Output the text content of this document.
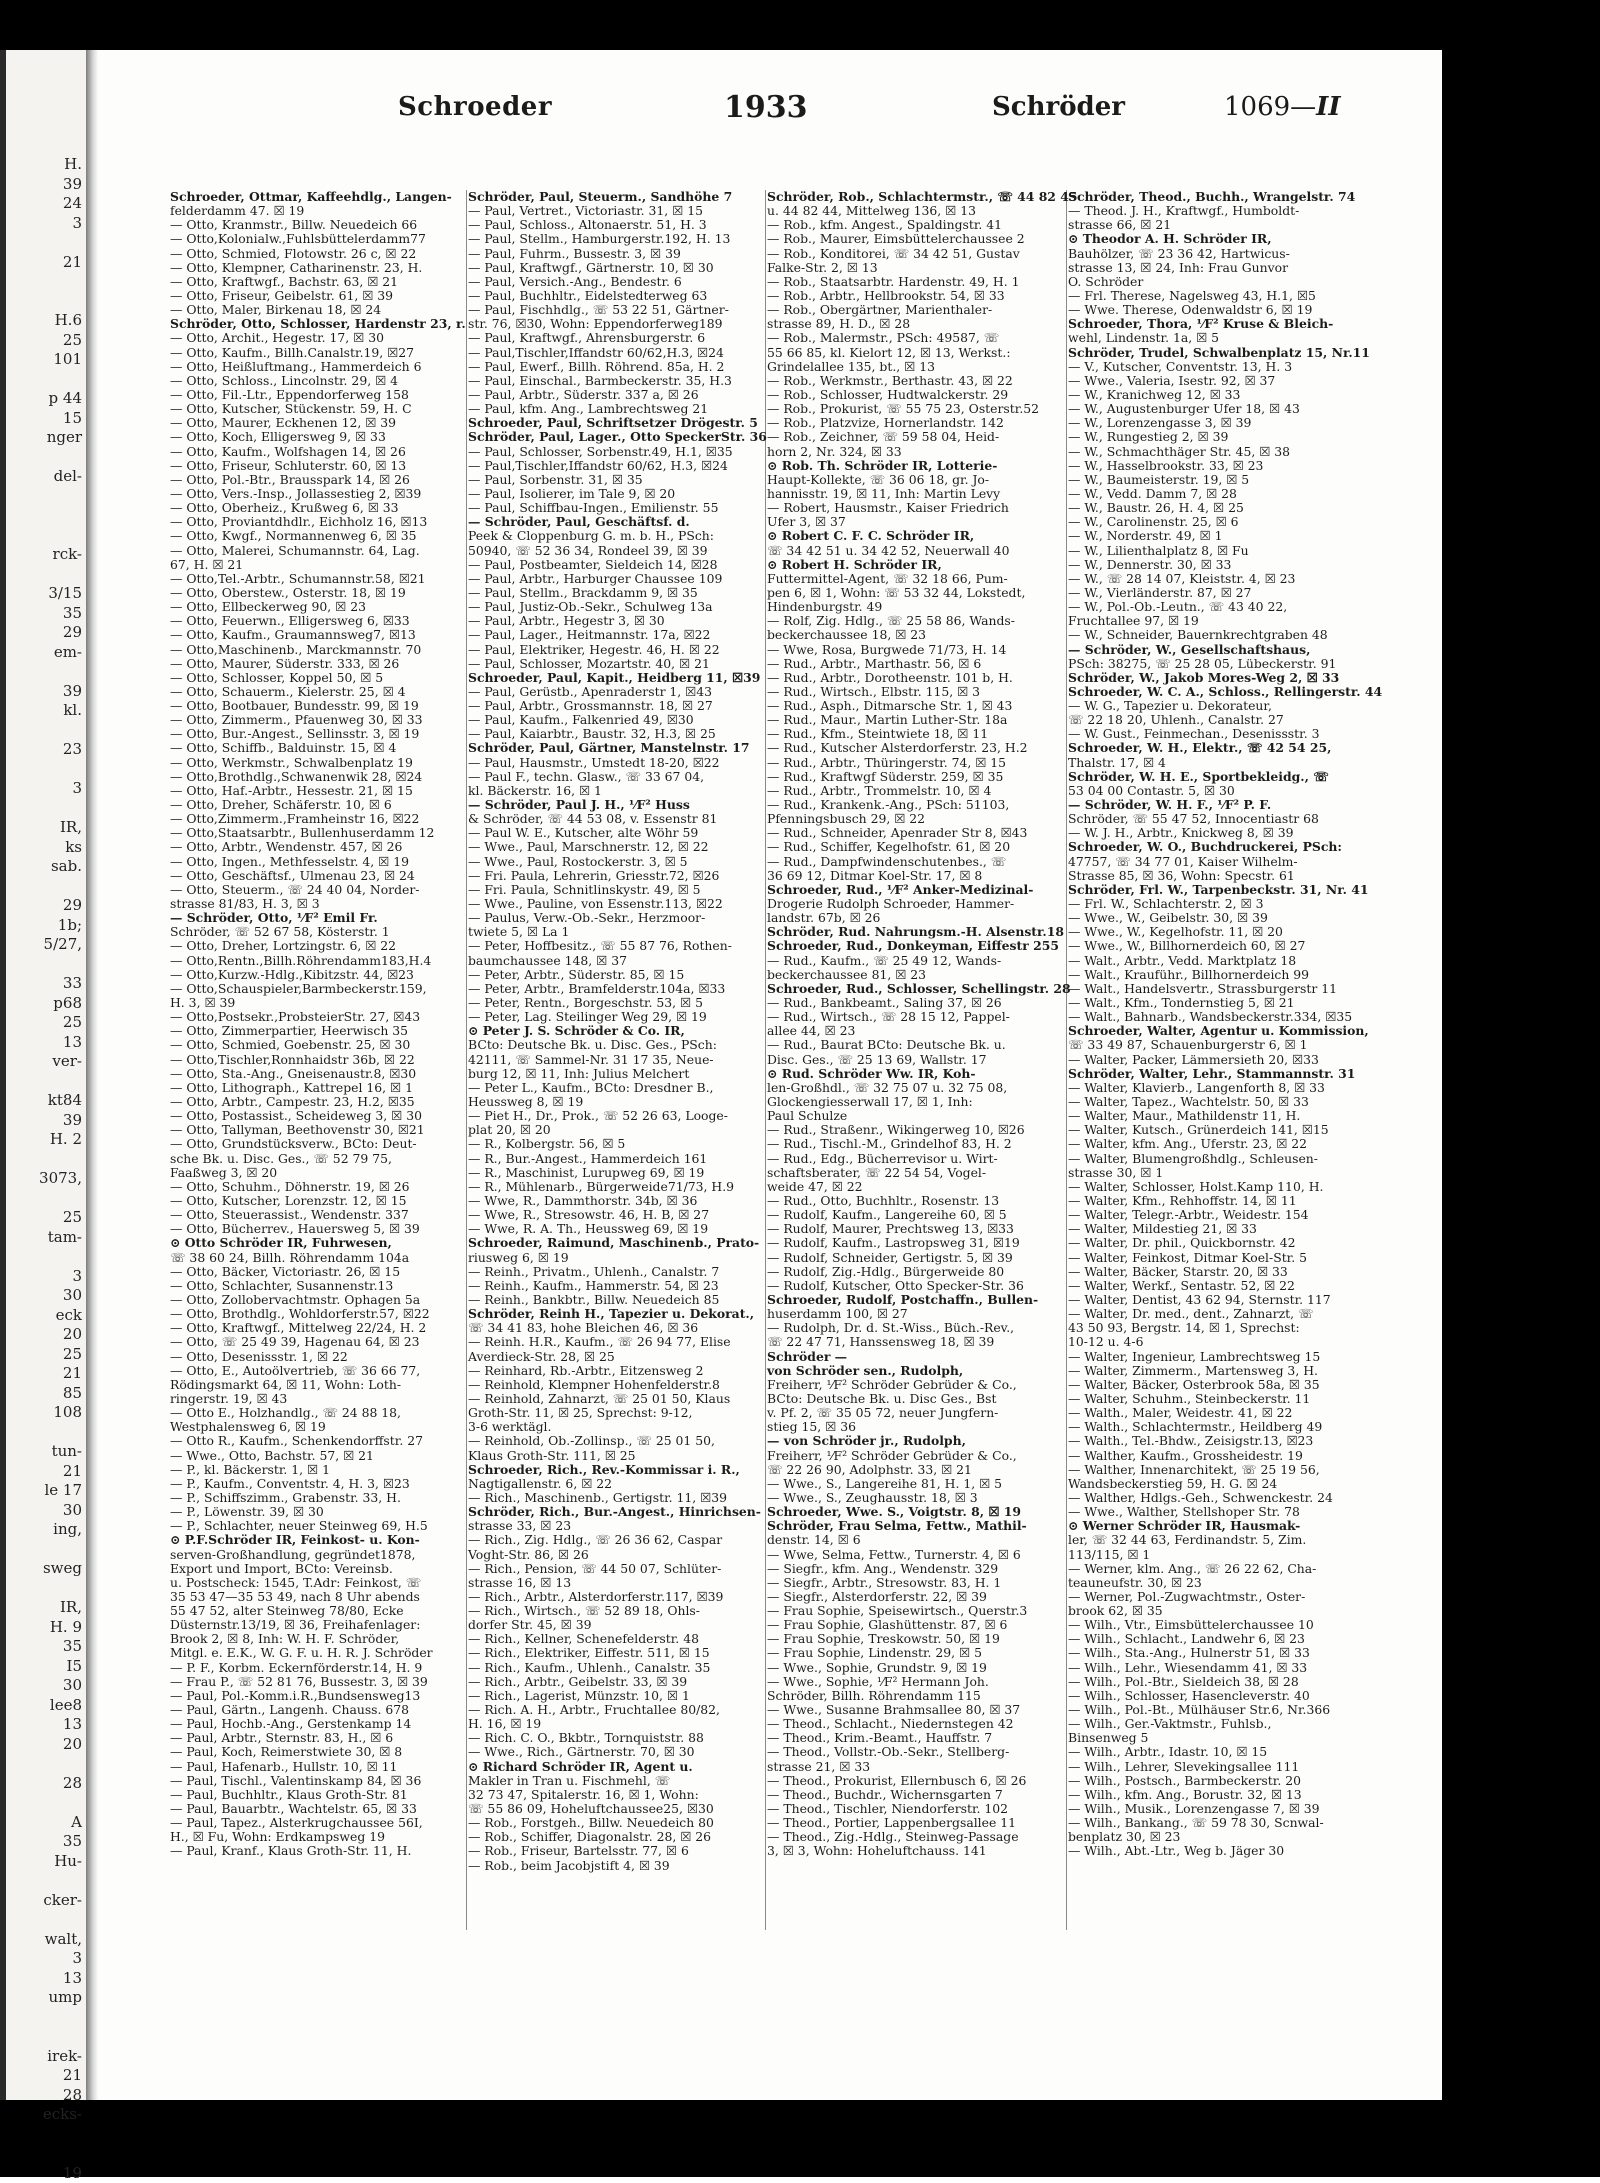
H.
39
24
3
21
H.6
25
101
p 44
15
nger
del-
rck-
3/15
35
29
em-
39
kl.
23
3
IR,
ks
sab.
29
1b;
5/27,
33
p68
25
13
ver-
kt84
39
H. 2
3073,
25
tam-
3
30
eck
20
25
21
85
108
tun-
21
le 17
30
ing,
sweg
IR,
H. 9
35
I5
30
lee8
13
20
28
A
35
Hu-
cker-
walt,
3
13
ump
irek-
21
28
ecks-
19
Schroeder	1933	Schröder	1069—II
Schroeder, Ottmar, Kaffeehdlg., Langen-
felderdamm 47. ☒ 19
— Otto, Kranmstr., Billw. Neuedeich 66
— Otto,Kolonialw.,Fuhlsbüttelerdamm77
— Otto, Schmied, Flotowstr. 26 c, ☒ 22
— Otto, Klempner, Catharinenstr. 23, H.
— Otto, Kraftwgf., Bachstr. 63, ☒ 21
— Otto, Friseur, Geibelstr. 61, ☒ 39
— Otto, Maler, Birkenau 18, ☒ 24
Schröder, Otto, Schlosser, Hardenstr 23, r.
— Otto, Archit., Hegestr. 17, ☒ 30
— Otto, Kaufm., Billh.Canalstr.19, ☒27
— Otto, Heißluftmang., Hammerdeich 6
— Otto, Schloss., Lincolnstr. 29, ☒ 4
— Otto, Fil.-Ltr., Eppendorferweg 158
— Otto, Kutscher, Stückenstr. 59, H. C
— Otto, Maurer, Eckhenen 12, ☒ 39
— Otto, Koch, Elligersweg 9, ☒ 33
— Otto, Kaufm., Wolfshagen 14, ☒ 26
— Otto, Friseur, Schluterstr. 60, ☒ 13
— Otto, Pol.-Btr., Brausspark 14, ☒ 26
— Otto, Vers.-Insp., Jollassestieg 2, ☒39
— Otto, Oberheiz., Krußweg 6, ☒ 33
— Otto, Proviantdhdlr., Eichholz 16, ☒13
— Otto, Kwgf., Normannenweg 6, ☒ 35
— Otto, Malerei, Schumannstr. 64, Lag.
67, H. ☒ 21
— Otto,Tel.-Arbtr., Schumannstr.58, ☒21
— Otto, Oberstew., Osterstr. 18, ☒ 19
— Otto, Ellbeckerweg 90, ☒ 23
— Otto, Feuerwn., Elligersweg 6, ☒33
— Otto, Kaufm., Graumannsweg7, ☒13
— Otto,Maschinenb., Marckmannstr. 70
— Otto, Maurer, Süderstr. 333, ☒ 26
— Otto, Schlosser, Koppel 50, ☒ 5
— Otto, Schauerm., Kielerstr. 25, ☒ 4
— Otto, Bootbauer, Bundesstr. 99, ☒ 19
— Otto, Zimmerm., Pfauenweg 30, ☒ 33
— Otto, Bur.-Angest., Sellinsstr. 3, ☒ 19
— Otto, Schiffb., Balduinstr. 15, ☒ 4
— Otto, Werkmstr., Schwalbenplatz 19
— Otto,Brothdlg.,Schwanenwik 28, ☒24
— Otto, Haf.-Arbtr., Hessestr. 21, ☒ 15
— Otto, Dreher, Schäferstr. 10, ☒ 6
— Otto,Zimmerm.,Framheinstr 16, ☒22
— Otto,Staatsarbtr., Bullenhuserdamm 12
— Otto, Arbtr., Wendenstr. 457, ☒ 26
— Otto, Ingen., Methfesselstr. 4, ☒ 19
— Otto, Geschäftsf., Ulmenau 23, ☒ 24
— Otto, Steuerm., ☏ 24 40 04, Norder-
strasse 81/83, H. 3, ☒ 3
— Schröder, Otto, ⅟F² Emil Fr.
Schröder, ☏ 52 67 58, Kösterstr. 1
— Otto, Dreher, Lortzingstr. 6, ☒ 22
— Otto,Rentn.,Billh.Röhrendamm183,H.4
— Otto,Kurzw.-Hdlg.,Kibitzstr. 44, ☒23
— Otto,Schauspieler,Barmbeckerstr.159,
H. 3, ☒ 39
— Otto,Postsekr.,ProbsteierStr. 27, ☒43
— Otto, Zimmerpartier, Heerwisch 35
— Otto, Schmied, Goebenstr. 25, ☒ 30
— Otto,Tischler,Ronnhaidstr 36b, ☒ 22
— Otto, Sta.-Ang., Gneisenaustr.8, ☒30
— Otto, Lithograph., Kattrepel 16, ☒ 1
— Otto, Arbtr., Campestr. 23, H.2, ☒35
— Otto, Postassist., Scheideweg 3, ☒ 30
— Otto, Tallyman, Beethovenstr 30, ☒21
— Otto, Grundstücksverw., BCto: Deut-
sche Bk. u. Disc. Ges., ☏ 52 79 75,
Faaßweg 3, ☒ 20
— Otto, Schuhm., Döhnerstr. 19, ☒ 26
— Otto, Kutscher, Lorenzstr. 12, ☒ 15
— Otto, Steuerassist., Wendenstr. 337
— Otto, Bücherrev., Hauersweg 5, ☒ 39
⊙ Otto Schröder IR, Fuhrwesen,
☏ 38 60 24, Billh. Röhrendamm 104a
— Otto, Bäcker, Victoriastr. 26, ☒ 15
— Otto, Schlachter, Susannenstr.13
— Otto, Zollobervachtmstr. Ophagen 5a
— Otto, Brothdlg., Wohldorferstr.57, ☒22
— Otto, Kraftwgf., Mittelweg 22/24, H. 2
— Otto, ☏ 25 49 39, Hagenau 64, ☒ 23
— Otto, Desenissstr. 1, ☒ 22
— Otto, E., Autoölvertrieb, ☏ 36 66 77,
Rödingsmarkt 64, ☒ 11, Wohn: Loth-
ringerstr. 19, ☒ 43
— Otto E., Holzhandlg., ☏ 24 88 18,
Westphalensweg 6, ☒ 19
— Otto R., Kaufm., Schenkendorffstr. 27
— Wwe., Otto, Bachstr. 57, ☒ 21
— P., kl. Bäckerstr. 1, ☒ 1
— P., Kaufm., Conventstr. 4, H. 3, ☒23
— P., Schiffszimm., Grabenstr. 33, H.
— P., Löwenstr. 39, ☒ 30
— P., Schlachter, neuer Steinweg 69, H.5
⊙ P.F.Schröder IR, Feinkost- u. Kon-
serven-Großhandlung, gegründet1878,
Export und Import, BCto: Vereinsb.
u. Postscheck: 1545, T.Adr: Feinkost, ☏
35 53 47—35 53 49, nach 8 Uhr abends
55 47 52, alter Steinweg 78/80, Ecke
Düsternstr.13/19, ☒ 36, Freihafenlager:
Brook 2, ☒ 8, Inh: W. H. F. Schröder,
Mitgl. e. E.K., W. G. F. u. H. R. J. Schröder
— P. F., Korbm. Eckernförderstr.14, H. 9
— Frau P., ☏ 52 81 76, Bussestr. 3, ☒ 39
— Paul, Pol.-Komm.i.R.,Bundsensweg13
— Paul, Gärtn., Langenh. Chauss. 678
— Paul, Hochb.-Ang., Gerstenkamp 14
— Paul, Arbtr., Sternstr. 83, H., ☒ 6
— Paul, Koch, Reimerstwiete 30, ☒ 8
— Paul, Hafenarb., Hullstr. 10, ☒ 11
— Paul, Tischl., Valentinskamp 84, ☒ 36
— Paul, Buchhltr., Klaus Groth-Str. 81
— Paul, Bauarbtr., Wachtelstr. 65, ☒ 33
— Paul, Tapez., Alsterkrugchaussee 56I,
H., ☒ Fu, Wohn: Erdkampsweg 19
— Paul, Kranf., Klaus Groth-Str. 11, H.
Schröder, Paul, Steuerm., Sandhöhe 7
— Paul, Vertret., Victoriastr. 31, ☒ 15
— Paul, Schloss., Altonaerstr. 51, H. 3
— Paul, Stellm., Hamburgerstr.192, H. 13
— Paul, Fuhrm., Bussestr. 3, ☒ 39
— Paul, Kraftwgf., Gärtnerstr. 10, ☒ 30
— Paul, Versich.-Ang., Bendestr. 6
— Paul, Buchhltr., Eidelstedterweg 63
— Paul, Fischhdlg., ☏ 53 22 51, Gärtner-
str. 76, ☒30, Wohn: Eppendorferweg189
— Paul, Kraftwgf., Ahrensburgerstr. 6
— Paul,Tischler,Iffandstr 60/62,H.3, ☒24
— Paul, Ewerf., Billh. Röhrend. 85a, H. 2
— Paul, Einschal., Barmbeckerstr. 35, H.3
— Paul, Arbtr., Süderstr. 337 a, ☒ 26
— Paul, kfm. Ang., Lambrechtsweg 21
Schroeder, Paul, Schriftsetzer Drögestr. 5
Schröder, Paul, Lager., Otto SpeckerStr. 36
— Paul, Schlosser, Sorbenstr.49, H.1, ☒35
— Paul,Tischler,Iffandstr 60/62, H.3, ☒24
— Paul, Sorbenstr. 31, ☒ 35
— Paul, Isolierer, im Tale 9, ☒ 20
— Paul, Schiffbau-Ingen., Emilienstr. 55
— Schröder, Paul, Geschäftsf. d.
Peek & Cloppenburg G. m. b. H., PSch:
50940, ☏ 52 36 34, Rondeel 39, ☒ 39
— Paul, Postbeamter, Sieldeich 14, ☒28
— Paul, Arbtr., Harburger Chaussee 109
— Paul, Stellm., Brackdamm 9, ☒ 35
— Paul, Justiz-Ob.-Sekr., Schulweg 13a
— Paul, Arbtr., Hegestr 3, ☒ 30
— Paul, Lager., Heitmannstr. 17a, ☒22
— Paul, Elektriker, Hegestr. 46, H. ☒ 22
— Paul, Schlosser, Mozartstr. 40, ☒ 21
Schroeder, Paul, Kapit., Heidberg 11, ☒39
— Paul, Gerüstb., Apenraderstr 1, ☒43
— Paul, Arbtr., Grossmannstr. 18, ☒ 27
— Paul, Kaufm., Falkenried 49, ☒30
— Paul, Kaiarbtr., Baustr. 32, H.3, ☒ 25
Schröder, Paul, Gärtner, Manstelnstr. 17
— Paul, Hausmstr., Umstedt 18-20, ☒22
— Paul F., techn. Glasw., ☏ 33 67 04,
kl. Bäckerstr. 16, ☒ 1
— Schröder, Paul J. H., ⅟F² Huss
& Schröder, ☏ 44 53 08, v. Essenstr 81
— Paul W. E., Kutscher, alte Wöhr 59
— Wwe., Paul, Marschnerstr. 12, ☒ 22
— Wwe., Paul, Rostockerstr. 3, ☒ 5
— Fri. Paula, Lehrerin, Griesstr.72, ☒26
— Fri. Paula, Schnitlinskystr. 49, ☒ 5
— Wwe., Pauline, von Essenstr.113, ☒22
— Paulus, Verw.-Ob.-Sekr., Herzmoor-
twiete 5, ☒ La 1
— Peter, Hoffbesitz., ☏ 55 87 76, Rothen-
baumchaussee 148, ☒ 37
— Peter, Arbtr., Süderstr. 85, ☒ 15
— Peter, Arbtr., Bramfelderstr.104a, ☒33
— Peter, Rentn., Borgeschstr. 53, ☒ 5
— Peter, Lag. Steilinger Weg 29, ☒ 19
⊙ Peter J. S. Schröder & Co. IR,
BCto: Deutsche Bk. u. Disc. Ges., PSch:
42111, ☏ Sammel-Nr. 31 17 35, Neue-
burg 12, ☒ 11, Inh: Julius Melchert
— Peter L., Kaufm., BCto: Dresdner B.,
Heussweg 8, ☒ 19
— Piet H., Dr., Prok., ☏ 52 26 63, Looge-
plat 20, ☒ 20
— R., Kolbergstr. 56, ☒ 5
— R., Bur.-Angest., Hammerdeich 161
— R., Maschinist, Lurupweg 69, ☒ 19
— R., Mühlenarb., Bürgerweide71/73, H.9
— Wwe, R., Dammthorstr. 34b, ☒ 36
— Wwe, R., Stresowstr. 46, H. B, ☒ 27
— Wwe, R. A. Th., Heussweg 69, ☒ 19
Schroeder, Raimund, Maschinenb., Prato-
riusweg 6, ☒ 19
— Reinh., Privatm., Uhlenh., Canalstr. 7
— Reinh., Kaufm., Hammerstr. 54, ☒ 23
— Reinh., Bankbtr., Billw. Neuedeich 85
Schröder, Reinh H., Tapezier u. Dekorat.,
☏ 34 41 83, hohe Bleichen 46, ☒ 36
— Reinh. H.R., Kaufm., ☏ 26 94 77, Elise
Averdieck-Str. 28, ☒ 25
— Reinhard, Rb.-Arbtr., Eitzensweg 2
— Reinhold, Klempner Hohenfelderstr.8
— Reinhold, Zahnarzt, ☏ 25 01 50, Klaus
Groth-Str. 11, ☒ 25, Sprechst: 9-12,
3-6 werktägl.
— Reinhold, Ob.-Zollinsp., ☏ 25 01 50,
Klaus Groth-Str. 111, ☒ 25
Schroeder, Rich., Rev.-Kommissar i. R.,
Nagtigallenstr. 6, ☒ 22
— Rich., Maschinenb., Gertigstr. 11, ☒39
Schröder, Rich., Bur.-Angest., Hinrichsen-
strasse 33, ☒ 23
— Rich., Zig. Hdlg., ☏ 26 36 62, Caspar
Voght-Str. 86, ☒ 26
— Rich., Pension, ☏ 44 50 07, Schlüter-
strasse 16, ☒ 13
— Rich., Arbtr., Alsterdorferstr.117, ☒39
— Rich., Wirtsch., ☏ 52 89 18, Ohls-
dorfer Str. 45, ☒ 39
— Rich., Kellner, Schenefelderstr. 48
— Rich., Elektriker, Eiffestr. 511, ☒ 15
— Rich., Kaufm., Uhlenh., Canalstr. 35
— Rich., Arbtr., Geibelstr. 33, ☒ 39
— Rich., Lagerist, Münzstr. 10, ☒ 1
— Rich. A. H., Arbtr., Fruchtallee 80/82,
H. 16, ☒ 19
— Rich. C. O., Bkbtr., Tornquiststr. 88
— Wwe., Rich., Gärtnerstr. 70, ☒ 30
⊙ Richard Schröder IR, Agent u.
Makler in Tran u. Fischmehl, ☏
32 73 47, Spitalerstr. 16, ☒ 1, Wohn:
☏ 55 86 09, Hoheluftchaussee25, ☒30
— Rob., Forstgeh., Billw. Neuedeich 80
— Rob., Schiffer, Diagonalstr. 28, ☒ 26
— Rob., Friseur, Bartelsstr. 77, ☒ 6
— Rob., beim Jacobjstift 4, ☒ 39
Schröder, Rob., Schlachtermstr., ☏ 44 82 45
u. 44 82 44, Mittelweg 136, ☒ 13
— Rob., kfm. Angest., Spaldingstr. 41
— Rob., Maurer, Eimsbüttelerchaussee 2
— Rob., Konditorei, ☏ 34 42 51, Gustav
Falke-Str. 2, ☒ 13
— Rob., Staatsarbtr. Hardenstr. 49, H. 1
— Rob., Arbtr., Hellbrookstr. 54, ☒ 33
— Rob., Obergärtner, Marienthaler-
strasse 89, H. D., ☒ 28
— Rob., Malermstr., PSch: 49587, ☏
55 66 85, kl. Kielort 12, ☒ 13, Werkst.:
Grindelallee 135, bt., ☒ 13
— Rob., Werkmstr., Berthastr. 43, ☒ 22
— Rob., Schlosser, Hudtwalckerstr. 29
— Rob., Prokurist, ☏ 55 75 23, Osterstr.52
— Rob., Platzvize, Hornerlandstr. 142
— Rob., Zeichner, ☏ 59 58 04, Heid-
horn 2, Nr. 324, ☒ 33
⊙ Rob. Th. Schröder IR, Lotterie-
Haupt-Kollekte, ☏ 36 06 18, gr. Jo-
hannisstr. 19, ☒ 11, Inh: Martin Levy
— Robert, Hausmstr., Kaiser Friedrich
Ufer 3, ☒ 37
⊙ Robert C. F. C. Schröder IR,
☏ 34 42 51 u. 34 42 52, Neuerwall 40
⊙ Robert H. Schröder IR,
Futtermittel-Agent, ☏ 32 18 66, Pum-
pen 6, ☒ 1, Wohn: ☏ 53 32 44, Lokstedt,
Hindenburgstr. 49
— Rolf, Zig. Hdlg., ☏ 25 58 86, Wands-
beckerchaussee 18, ☒ 23
— Wwe, Rosa, Burgwede 71/73, H. 14
— Rud., Arbtr., Marthastr. 56, ☒ 6
— Rud., Arbtr., Dorotheenstr. 101 b, H.
— Rud., Wirtsch., Elbstr. 115, ☒ 3
— Rud., Asph., Ditmarsche Str. 1, ☒ 43
— Rud., Maur., Martin Luther-Str. 18a
— Rud., Kfm., Steintwiete 18, ☒ 11
— Rud., Kutscher Alsterdorferstr. 23, H.2
— Rud., Arbtr., Thüringerstr. 74, ☒ 15
— Rud., Kraftwgf Süderstr. 259, ☒ 35
— Rud., Arbtr., Trommelstr. 10, ☒ 4
— Rud., Krankenk.-Ang., PSch: 51103,
Pfenningsbusch 29, ☒ 22
— Rud., Schneider, Apenrader Str 8, ☒43
— Rud., Schiffer, Kegelhofstr. 61, ☒ 20
— Rud., Dampfwindenschutenbes., ☏
36 69 12, Ditmar Koel-Str. 17, ☒ 8
Schroeder, Rud., ⅟F² Anker-Medizinal-
Drogerie Rudolph Schroeder, Hammer-
landstr. 67b, ☒ 26
Schröder, Rud. Nahrungsm.-H. Alsenstr.18
Schroeder, Rud., Donkeyman, Eiffestr 255
— Rud., Kaufm., ☏ 25 49 12, Wands-
beckerchaussee 81, ☒ 23
Schroeder, Rud., Schlosser, Schellingstr. 28
— Rud., Bankbeamt., Saling 37, ☒ 26
— Rud., Wirtsch., ☏ 28 15 12, Pappel-
allee 44, ☒ 23
— Rud., Baurat BCto: Deutsche Bk. u.
Disc. Ges., ☏ 25 13 69, Wallstr. 17
⊙ Rud. Schröder Ww. IR, Koh-
len-Großhdl., ☏ 32 75 07 u. 32 75 08,
Glockengiesserwall 17, ☒ 1, Inh:
Paul Schulze
— Rud., Straßenr., Wikingerweg 10, ☒26
— Rud., Tischl.-M., Grindelhof 83, H. 2
— Rud., Edg., Bücherrevisor u. Wirt-
schaftsberater, ☏ 22 54 54, Vogel-
weide 47, ☒ 22
— Rud., Otto, Buchhltr., Rosenstr. 13
— Rudolf, Kaufm., Langereihe 60, ☒ 5
— Rudolf, Maurer, Prechtsweg 13, ☒33
— Rudolf, Kaufm., Lastropsweg 31, ☒19
— Rudolf, Schneider, Gertigstr. 5, ☒ 39
— Rudolf, Zig.-Hdlg., Bürgerweide 80
— Rudolf, Kutscher, Otto Specker-Str. 36
Schroeder, Rudolf, Postchaffn., Bullen-
huserdamm 100, ☒ 27
— Rudolph, Dr. d. St.-Wiss., Büch.-Rev.,
☏ 22 47 71, Hanssensweg 18, ☒ 39
Schröder —
von Schröder sen., Rudolph,
Freiherr, ⅟F² Schröder Gebrüder & Co.,
BCto: Deutsche Bk. u. Disc Ges., Bst
v. Pf. 2, ☏ 35 05 72, neuer Jungfern-
stieg 15, ☒ 36
— von Schröder jr., Rudolph,
Freiherr, ⅟F² Schröder Gebrüder & Co.,
☏ 22 26 90, Adolphstr. 33, ☒ 21
— Wwe., S., Langereihe 81, H. 1, ☒ 5
— Wwe., S., Zeughausstr. 18, ☒ 3
Schroeder, Wwe. S., Voigtstr. 8, ☒ 19
Schröder, Frau Selma, Fettw., Mathil-
denstr. 14, ☒ 6
— Wwe, Selma, Fettw., Turnerstr. 4, ☒ 6
— Siegfr., kfm. Ang., Wendenstr. 329
— Siegfr., Arbtr., Stresowstr. 83, H. 1
— Siegfr., Alsterdorferstr. 22, ☒ 39
— Frau Sophie, Speisewirtsch., Querstr.3
— Frau Sophie, Glashüttenstr. 87, ☒ 6
— Frau Sophie, Treskowstr. 50, ☒ 19
— Frau Sophie, Lindenstr. 29, ☒ 5
— Wwe., Sophie, Grundstr. 9, ☒ 19
— Wwe., Sophie, ⅟F² Hermann Joh.
Schröder, Billh. Röhrendamm 115
— Wwe., Susanne Brahmsallee 80, ☒ 37
— Theod., Schlacht., Niedernstegen 42
— Theod., Krim.-Beamt., Hauffstr. 7
— Theod., Vollstr.-Ob.-Sekr., Stellberg-
strasse 21, ☒ 33
— Theod., Prokurist, Ellernbusch 6, ☒ 26
— Theod., Buchdr., Wichernsgarten 7
— Theod., Tischler, Niendorferstr. 102
— Theod., Portier, Lappenbergsallee 11
— Theod., Zig.-Hdlg., Steinweg-Passage
3, ☒ 3, Wohn: Hoheluftchauss. 141
Schröder, Theod., Buchh., Wrangelstr. 74
— Theod. J. H., Kraftwgf., Humboldt-
strasse 66, ☒ 21
⊙ Theodor A. H. Schröder IR,
Bauhölzer, ☏ 23 36 42, Hartwicus-
strasse 13, ☒ 24, Inh: Frau Gunvor
O. Schröder
— Frl. Therese, Nagelsweg 43, H.1, ☒5
— Wwe. Therese, Odenwaldstr 6, ☒ 19
Schroeder, Thora, ⅟F² Kruse & Bleich-
wehl, Lindenstr. 1a, ☒ 5
Schröder, Trudel, Schwalbenplatz 15, Nr.11
— V., Kutscher, Conventstr. 13, H. 3
— Wwe., Valeria, Isestr. 92, ☒ 37
— W., Kranichweg 12, ☒ 33
— W., Augustenburger Ufer 18, ☒ 43
— W., Lorenzengasse 3, ☒ 39
— W., Rungestieg 2, ☒ 39
— W., Schmachthäger Str. 45, ☒ 38
— W., Hasselbrookstr. 33, ☒ 23
— W., Baumeisterstr. 19, ☒ 5
— W., Vedd. Damm 7, ☒ 28
— W., Baustr. 26, H. 4, ☒ 25
— W., Carolinenstr. 25, ☒ 6
— W., Norderstr. 49, ☒ 1
— W., Lilienthalplatz 8, ☒ Fu
— W., Dennerstr. 30, ☒ 33
— W., ☏ 28 14 07, Kleiststr. 4, ☒ 23
— W., Vierländerstr. 87, ☒ 27
— W., Pol.-Ob.-Leutn., ☏ 43 40 22,
Fruchtallee 97, ☒ 19
— W., Schneider, Bauernkrechtgraben 48
— Schröder, W., Gesellschaftshaus,
PSch: 38275, ☏ 25 28 05, Lübeckerstr. 91
Schröder, W., Jakob Mores-Weg 2, ☒ 33
Schroeder, W. C. A., Schloss., Rellingerstr. 44
— W. G., Tapezier u. Dekorateur,
☏ 22 18 20, Uhlenh., Canalstr. 27
— W. Gust., Feinmechan., Desenissstr. 3
Schroeder, W. H., Elektr., ☏ 42 54 25,
Thalstr. 17, ☒ 4
Schröder, W. H. E., Sportbekleidg., ☏
53 04 00 Contastr. 5, ☒ 30
— Schröder, W. H. F., ⅟F² P. F.
Schröder, ☏ 55 47 52, Innocentiastr 68
— W. J. H., Arbtr., Knickweg 8, ☒ 39
Schroeder, W. O., Buchdruckerei, PSch:
47757, ☏ 34 77 01, Kaiser Wilhelm-
Strasse 85, ☒ 36, Wohn: Specstr. 61
Schröder, Frl. W., Tarpenbeckstr. 31, Nr. 41
— Frl. W., Schlachterstr. 2, ☒ 3
— Wwe., W., Geibelstr. 30, ☒ 39
— Wwe., W., Kegelhofstr. 11, ☒ 20
— Wwe., W., Billhornerdeich 60, ☒ 27
— Walt., Arbtr., Vedd. Marktplatz 18
— Walt., Krauführ., Billhornerdeich 99
— Walt., Handelsvertr., Strassburgerstr 11
— Walt., Kfm., Tondernstieg 5, ☒ 21
— Walt., Bahnarb., Wandsbeckerstr.334, ☒35
Schroeder, Walter, Agentur u. Kommission,
☏ 33 49 87, Schauenburgerstr 6, ☒ 1
— Walter, Packer, Lämmersieth 20, ☒33
Schröder, Walter, Lehr., Stammannstr. 31
— Walter, Klavierb., Langenforth 8, ☒ 33
— Walter, Tapez., Wachtelstr. 50, ☒ 33
— Walter, Maur., Mathildenstr 11, H.
— Walter, Kutsch., Grünerdeich 141, ☒15
— Walter, kfm. Ang., Uferstr. 23, ☒ 22
— Walter, Blumengroßhdlg., Schleusen-
strasse 30, ☒ 1
— Walter, Schlosser, Holst.Kamp 110, H.
— Walter, Kfm., Rehhoffstr. 14, ☒ 11
— Walter, Telegr.-Arbtr., Weidestr. 154
— Walter, Mildestieg 21, ☒ 33
— Walter, Dr. phil., Quickbornstr. 42
— Walter, Feinkost, Ditmar Koel-Str. 5
— Walter, Bäcker, Starstr. 20, ☒ 33
— Walter, Werkf., Sentastr. 52, ☒ 22
— Walter, Dentist, 43 62 94, Sternstr. 117
— Walter, Dr. med., dent., Zahnarzt, ☏
43 50 93, Bergstr. 14, ☒ 1, Sprechst:
10-12 u. 4-6
— Walter, Ingenieur, Lambrechtsweg 15
— Walter, Zimmerm., Martensweg 3, H.
— Walter, Bäcker, Osterbrook 58a, ☒ 35
— Walter, Schuhm., Steinbeckerstr. 11
— Walth., Maler, Weidestr. 41, ☒ 22
— Walth., Schlachtermstr., Heildberg 49
— Walth., Tel.-Bhdw., Zeisigstr.13, ☒23
— Walther, Kaufm., Grossheidestr. 19
— Walther, Innenarchitekt, ☏ 25 19 56,
Wandsbeckerstieg 59, H. G. ☒ 24
— Walther, Hdlgs.-Geh., Schwenckestr. 24
— Wwe., Walther, Stellshoper Str. 78
⊙ Werner Schröder IR, Hausmak-
ler, ☏ 32 44 63, Ferdinandstr. 5, Zim.
113/115, ☒ 1
— Werner, klm. Ang., ☏ 26 22 62, Cha-
teauneufstr. 30, ☒ 23
— Werner, Pol.-Zugwachtmstr., Oster-
brook 62, ☒ 35
— Wilh., Vtr., Eimsbüttelerchaussee 10
— Wilh., Schlacht., Landwehr 6, ☒ 23
— Wilh., Sta.-Ang., Hulnerstr 51, ☒ 33
— Wilh., Lehr., Wiesendamm 41, ☒ 33
— Wilh., Pol.-Btr., Sieldeich 38, ☒ 28
— Wilh., Schlosser, Hasencleverstr. 40
— Wilh., Pol.-Bt., Mülhäuser Str.6, Nr.366
— Wilh., Ger.-Vaktmstr., Fuhlsb.,
Binsenweg 5
— Wilh., Arbtr., Idastr. 10, ☒ 15
— Wilh., Lehrer, Slevekingsallee 111
— Wilh., Postsch., Barmbeckerstr. 20
— Wilh., kfm. Ang., Borustr. 32, ☒ 13
— Wilh., Musik., Lorenzengasse 7, ☒ 39
— Wilh., Bankang., ☏ 59 78 30, Scnwal-
benplatz 30, ☒ 23
— Wilh., Abt.-Ltr., Weg b. Jäger 30
